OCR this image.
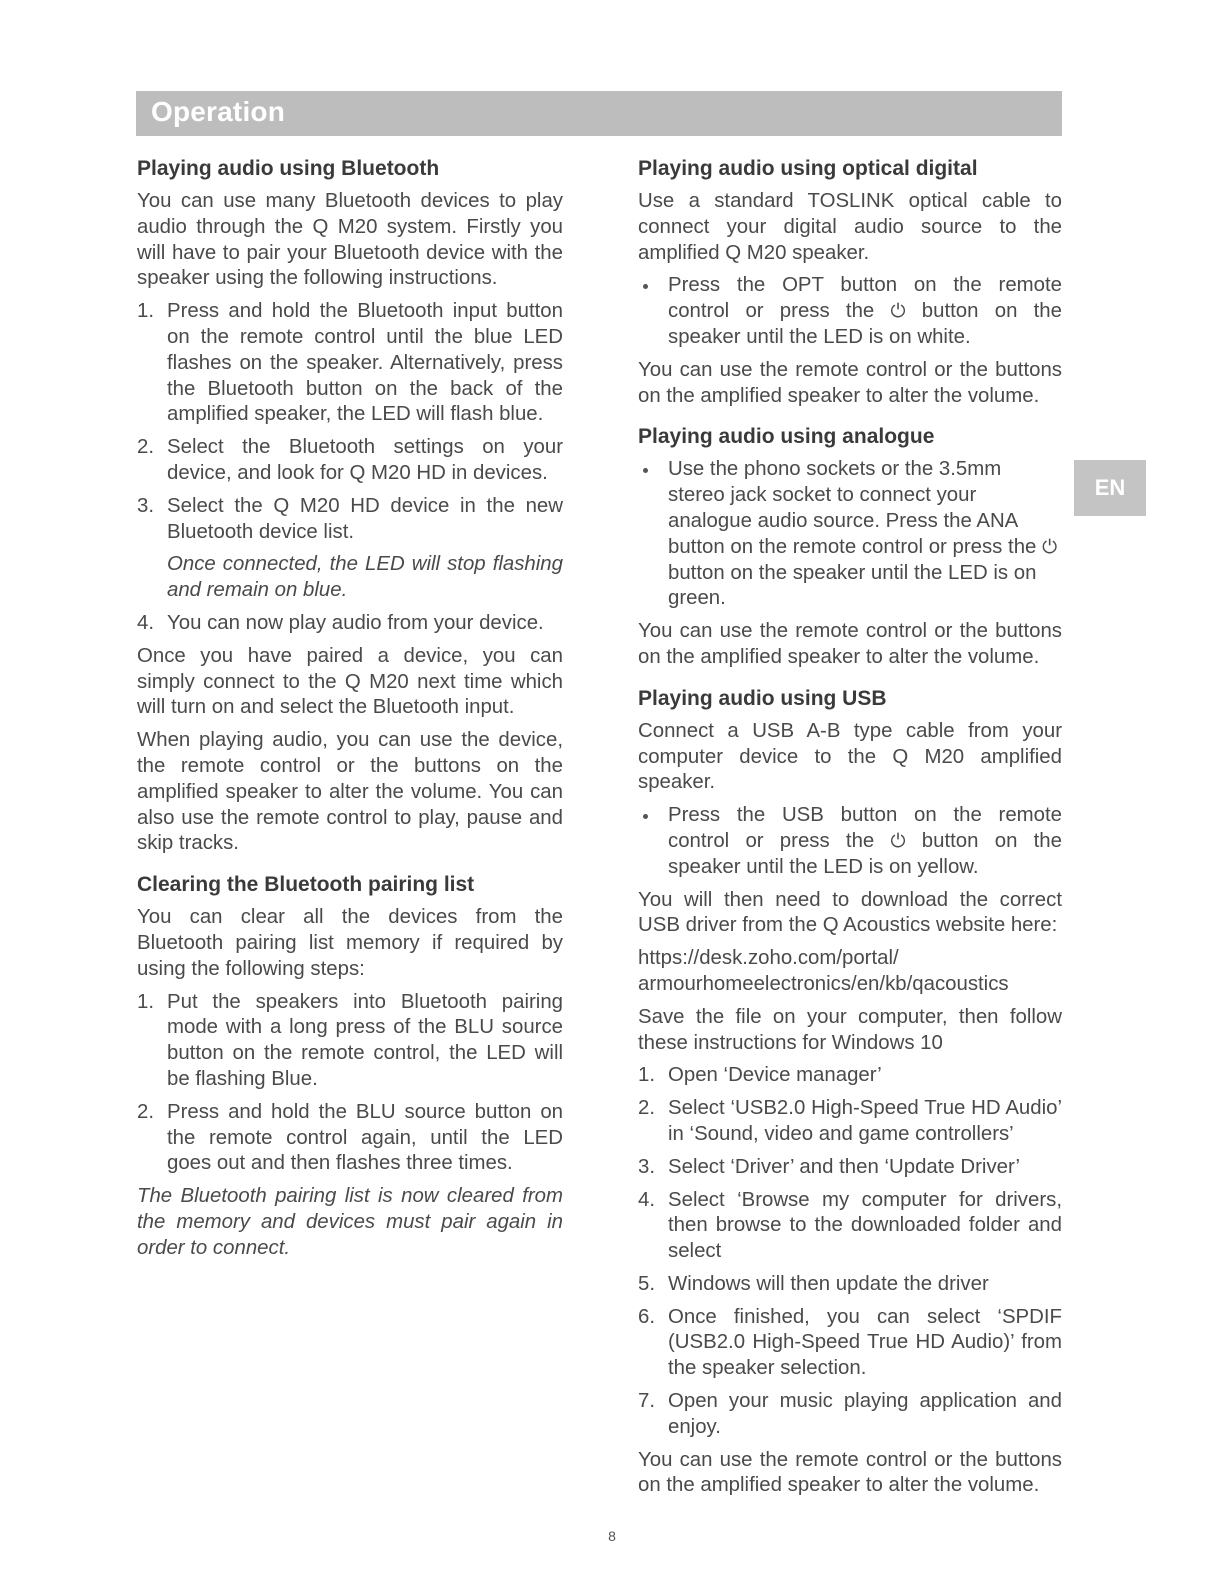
Operation
EN
Playing audio using Bluetooth

You can use many Bluetooth devices to play audio through the Q M20 system. Firstly you will have to pair your Bluetooth device with the speaker using the following instructions.

1. Press and hold the Bluetooth input button on the remote control until the blue LED flashes on the speaker. Alternatively, press the Bluetooth button on the back of the amplified speaker, the LED will flash blue.

2. Select the Bluetooth settings on your device, and look for Q M20 HD in devices.

3. Select the Q M20 HD device in the new Bluetooth device list.

Once connected, the LED will stop flashing and remain on blue.

4. You can now play audio from your device.

Once you have paired a device, you can simply connect to the Q M20 next time which will turn on and select the Bluetooth input.

When playing audio, you can use the device, the remote control or the buttons on the amplified speaker to alter the volume. You can also use the remote control to play, pause and skip tracks.

Clearing the Bluetooth pairing list

You can clear all the devices from the Bluetooth pairing list memory if required by using the following steps:

1. Put the speakers into Bluetooth pairing mode with a long press of the BLU source button on the remote control, the LED will be flashing Blue.

2. Press and hold the BLU source button on the remote control again, until the LED goes out and then flashes three times.

The Bluetooth pairing list is now cleared from the memory and devices must pair again in order to connect.

Playing audio using optical digital

Use a standard TOSLINK optical cable to connect your digital audio source to the amplified Q M20 speaker.

Press the OPT button on the remote control or press the ⏻ button on the speaker until the LED is on white.

You can use the remote control or the buttons on the amplified speaker to alter the volume.

Playing audio using analogue

Use the phono sockets or the 3.5mm stereo jack socket to connect your analogue audio source. Press the ANA button on the remote control or press the ⏻ button on the speaker until the LED is on green.

You can use the remote control or the buttons on the amplified speaker to alter the volume.

Playing audio using USB

Connect a USB A-B type cable from your computer device to the Q M20 amplified speaker.

Press the USB button on the remote control or press the ⏻ button on the speaker until the LED is on yellow.

You will then need to download the correct USB driver from the Q Acoustics website here:

https://desk.zoho.com/portal/
armourhomeelectronics/en/kb/qacoustics

Save the file on your computer, then follow these instructions for Windows 10

1. Open ‘Device manager’

2. Select ‘USB2.0 High-Speed True HD Audio’ in ‘Sound, video and game controllers’

3. Select ‘Driver’ and then ‘Update Driver’

4. Select ‘Browse my computer for drivers, then browse to the downloaded folder and select

5. Windows will then update the driver

6. Once finished, you can select ‘SPDIF (USB2.0 High-Speed True HD Audio)’ from the speaker selection.

7. Open your music playing application and enjoy.

You can use the remote control or the buttons on the amplified speaker to alter the volume.

8
